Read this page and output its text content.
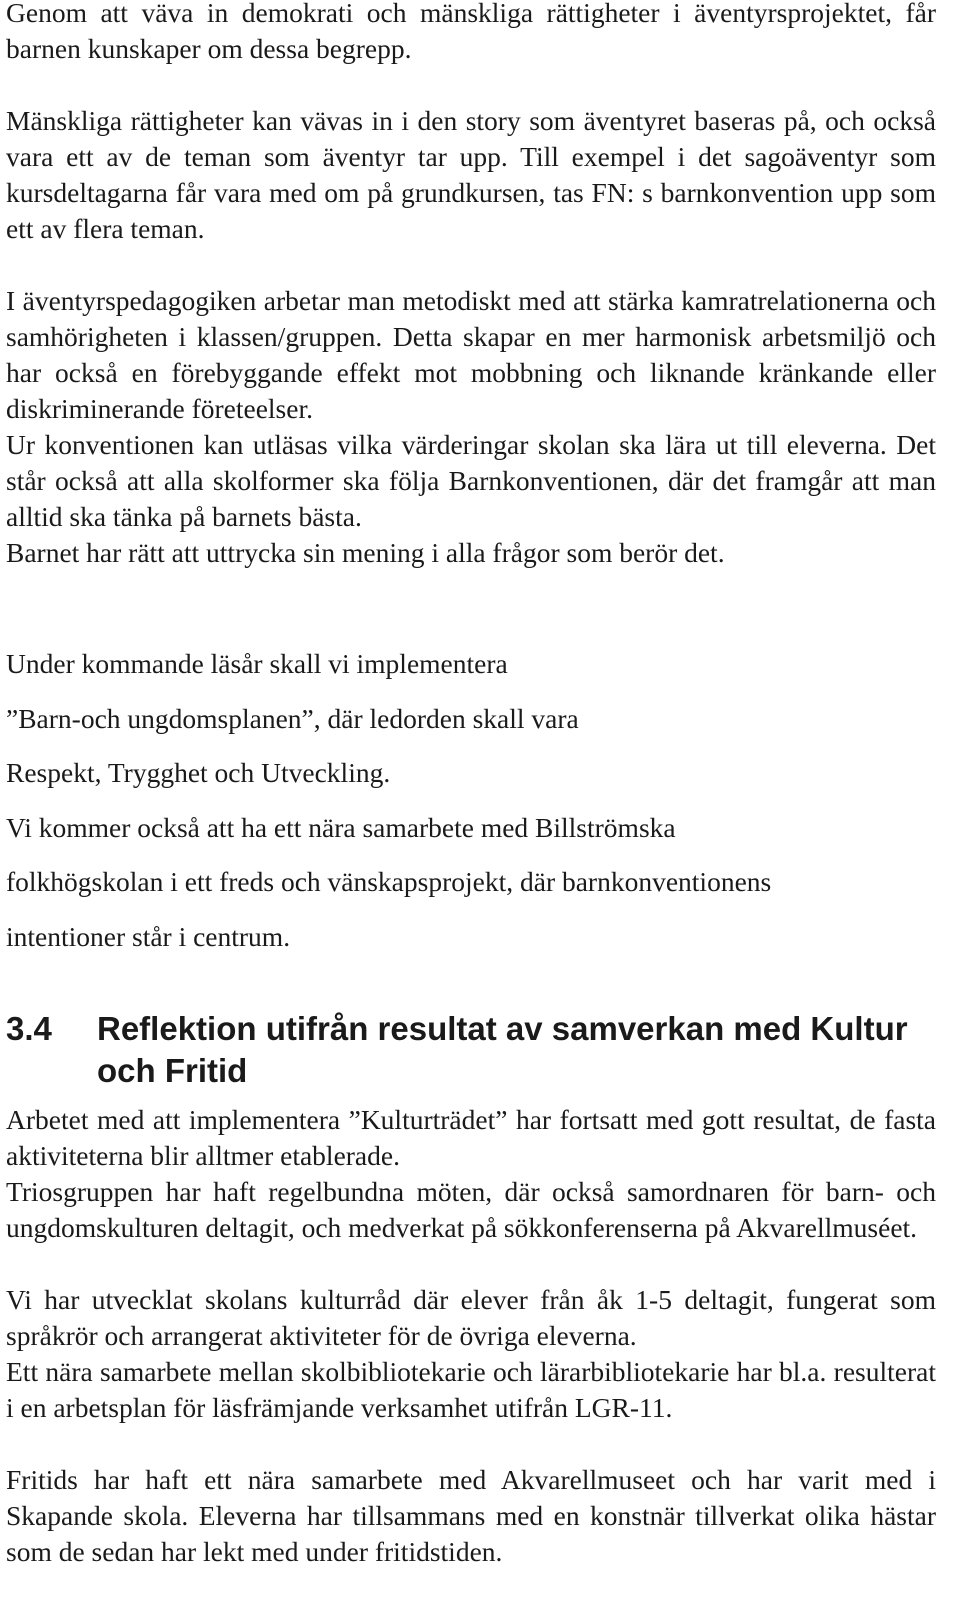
Genom att väva in demokrati och mänskliga rättigheter i äventyrsprojektet, får barnen kunskaper om dessa begrepp.

Mänskliga rättigheter kan vävas in i den story som äventyret baseras på, och också vara ett av de teman som äventyr tar upp. Till exempel i det sagoäventyr som kursdeltagarna får vara med om på grundkursen, tas FN: s barnkonvention upp som ett av flera teman.

I äventyrspedagogiken arbetar man metodiskt med att stärka kamratrelationerna och samhörigheten i klassen/gruppen. Detta skapar en mer harmonisk arbetsmiljö och har också en förebyggande effekt mot mobbning och liknande kränkande eller diskriminerande företeelser.

Ur konventionen kan utläsas vilka värderingar skolan ska lära ut till eleverna. Det står också att alla skolformer ska följa Barnkonventionen, där det framgår att man alltid ska tänka på barnets bästa.

Barnet har rätt att uttrycka sin mening i alla frågor som berör det.

Under kommande läsår skall vi implementera
”Barn-och ungdomsplanen”, där ledorden skall vara
Respekt, Trygghet och Utveckling.
Vi kommer också att ha ett nära samarbete med Billströmska
folkhögskolan i ett freds och vänskapsprojekt, där barnkonventionens
intentioner står i centrum.
3.4 Reflektion utifrån resultat av samverkan med Kultur och Fritid

Arbetet med att implementera ”Kulturträdet” har fortsatt med gott resultat, de fasta aktiviteterna blir alltmer etablerade.

Triosgruppen har haft regelbundna möten, där också samordnaren för barn- och ungdomskulturen deltagit, och medverkat på sökkonferenserna på Akvarellmuséet.

Vi har utvecklat skolans kulturråd där elever från åk 1-5 deltagit, fungerat som språkrör och arrangerat aktiviteter för de övriga eleverna.

Ett nära samarbete mellan skolbibliotekarie och lärarbibliotekarie har bl.a. resulterat i en arbetsplan för läsfrämjande verksamhet utifrån LGR-11.

Fritids har haft ett nära samarbete med Akvarellmuseet och har varit med i Skapande skola. Eleverna har tillsammans med en konstnär tillverkat olika hästar som de sedan har lekt med under fritidstiden.
